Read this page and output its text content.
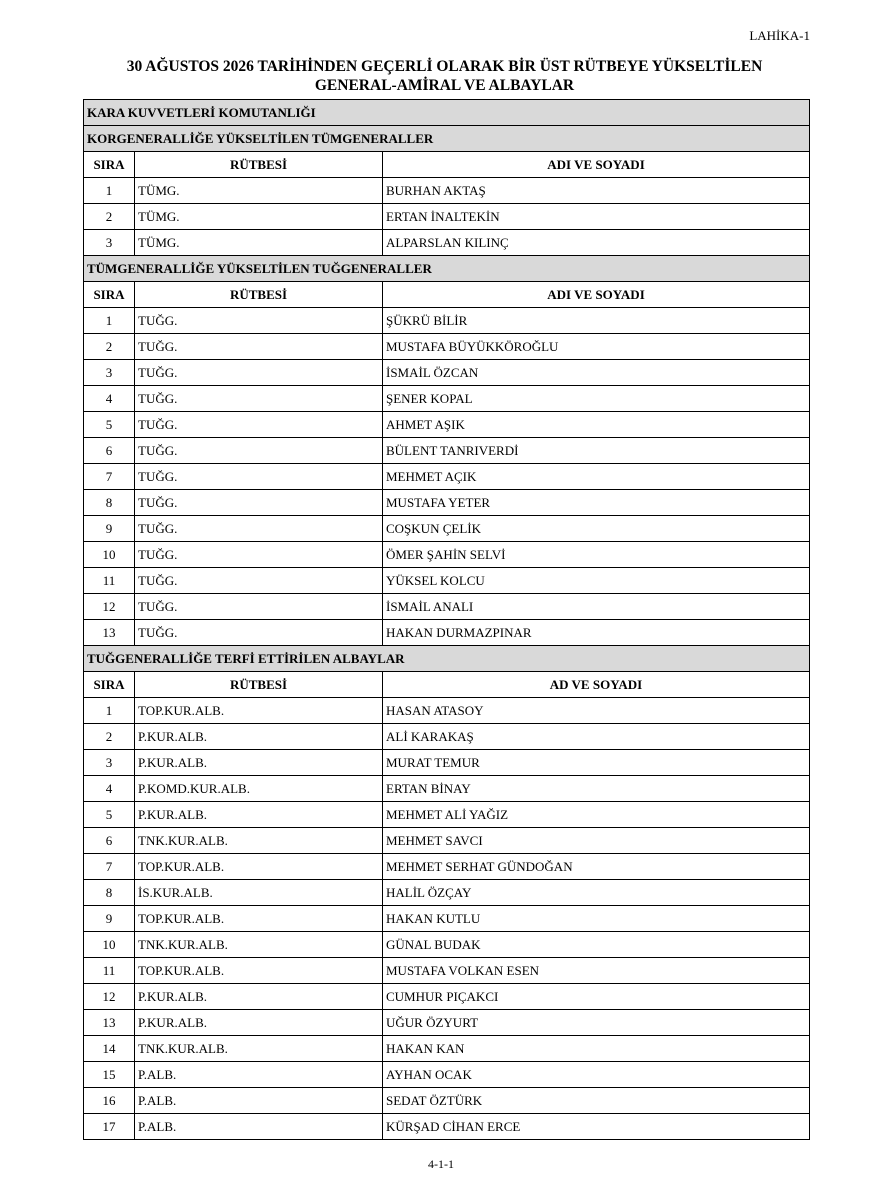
LAHİKA-1
30 AĞUSTOS 2026 TARİHİNDEN GEÇERLİ OLARAK BİR ÜST RÜTBEYE YÜKSELTİLEN
GENERAL-AMİRAL VE ALBAYLAR
KARA KUVVETLERİ KOMUTANLIĞI		
KORGENERALLİĞE YÜKSELTİLEN TÜMGENERALLER		
SIRA	RÜTBESİ	ADI VE SOYADI
1	TÜMG.	BURHAN AKTAŞ
2	TÜMG.	ERTAN İNALTEKİN
3	TÜMG.	ALPARSLAN KILINÇ
TÜMGENERALLİĞE YÜKSELTİLEN TUĞGENERALLER		
SIRA	RÜTBESİ	ADI VE SOYADI
1	TUĞG.	ŞÜKRÜ BİLİR
2	TUĞG.	MUSTAFA BÜYÜKKÖROĞLU
3	TUĞG.	İSMAİL ÖZCAN
4	TUĞG.	ŞENER KOPAL
5	TUĞG.	AHMET AŞIK
6	TUĞG.	BÜLENT TANRIVERDİ
7	TUĞG.	MEHMET AÇIK
8	TUĞG.	MUSTAFA YETER
9	TUĞG.	COŞKUN ÇELİK
10	TUĞG.	ÖMER ŞAHİN SELVİ
11	TUĞG.	YÜKSEL KOLCU
12	TUĞG.	İSMAİL ANALI
13	TUĞG.	HAKAN DURMAZPINAR
TUĞGENERALLİĞE TERFİ ETTİRİLEN ALBAYLAR		
SIRA	RÜTBESİ	AD VE SOYADI
1	TOP.KUR.ALB.	HASAN ATASOY
2	P.KUR.ALB.	ALİ KARAKAŞ
3	P.KUR.ALB.	MURAT TEMUR
4	P.KOMD.KUR.ALB.	ERTAN BİNAY
5	P.KUR.ALB.	MEHMET ALİ YAĞIZ
6	TNK.KUR.ALB.	MEHMET SAVCI
7	TOP.KUR.ALB.	MEHMET SERHAT GÜNDOĞAN
8	İS.KUR.ALB.	HALİL ÖZÇAY
9	TOP.KUR.ALB.	HAKAN KUTLU
10	TNK.KUR.ALB.	GÜNAL BUDAK
11	TOP.KUR.ALB.	MUSTAFA VOLKAN ESEN
12	P.KUR.ALB.	CUMHUR PIÇAKCI
13	P.KUR.ALB.	UĞUR ÖZYURT
14	TNK.KUR.ALB.	HAKAN KAN
15	P.ALB.	AYHAN OCAK
16	P.ALB.	SEDAT ÖZTÜRK
17	P.ALB.	KÜRŞAD CİHAN ERCE
4-1-1
